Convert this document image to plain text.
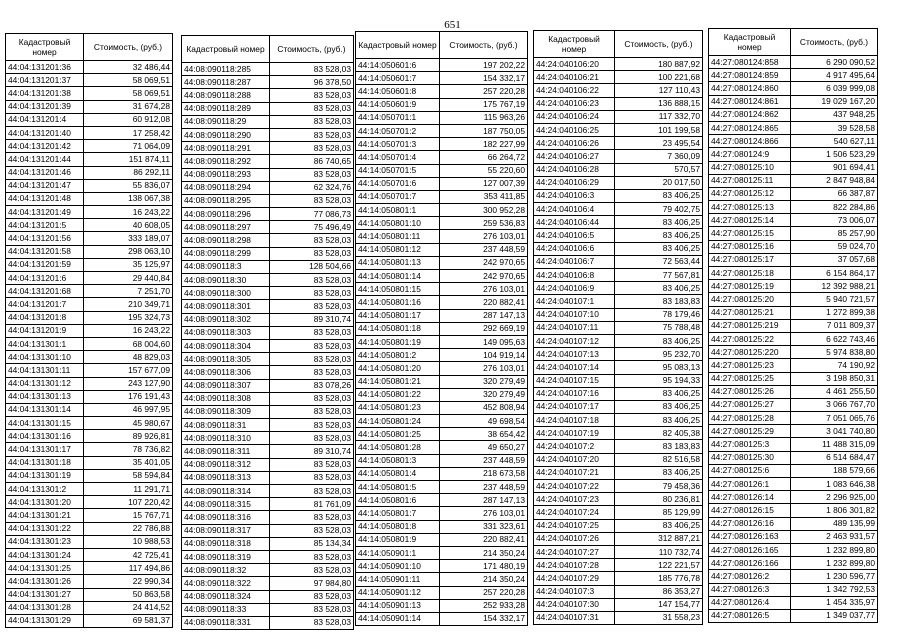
651
Кадастровый номер	Стоимость, (руб.)
44:04:131201:36	32 486,44
44:04:131201:37	58 069,51
44:04:131201:38	58 069,51
44:04:131201:39	31 674,28
44:04:131201:4	60 912,08
44:04:131201:40	17 258,42
44:04:131201:42	71 064,09
44:04:131201:44	151 874,11
44:04:131201:46	86 292,11
44:04:131201:47	55 836,07
44:04:131201:48	138 067,38
44:04:131201:49	16 243,22
44:04:131201:5	40 608,05
44:04:131201:56	333 189,07
44:04:131201:58	298 063,10
44:04:131201:59	35 125,97
44:04:131201:6	29 440,84
44:04:131201:68	7 251,70
44:04:131201:7	210 349,71
44:04:131201:8	195 324,73
44:04:131201:9	16 243,22
44:04:131301:1	68 004,60
44:04:131301:10	48 829,03
44:04:131301:11	157 677,09
44:04:131301:12	243 127,90
44:04:131301:13	176 191,43
44:04:131301:14	46 997,95
44:04:131301:15	45 980,67
44:04:131301:16	89 926,81
44:04:131301:17	78 736,82
44:04:131301:18	35 401,05
44:04:131301:19	58 594,84
44:04:131301:2	11 291,71
44:04:131301:20	107 220,42
44:04:131301:21	15 767,71
44:04:131301:22	22 786,88
44:04:131301:23	10 988,53
44:04:131301:24	42 725,41
44:04:131301:25	117 494,86
44:04:131301:26	22 990,34
44:04:131301:27	50 863,58
44:04:131301:28	24 414,52
44:04:131301:29	69 581,37
Кадастровый номер	Стоимость, (руб.)
44:08:090118:285	83 528,03
44:08:090118:287	96 378,50
44:08:090118:288	83 528,03
44:08:090118:289	83 528,03
44:08:090118:29	83 528,03
44:08:090118:290	83 528,03
44:08:090118:291	83 528,03
44:08:090118:292	86 740,65
44:08:090118:293	83 528,03
44:08:090118:294	62 324,76
44:08:090118:295	83 528,03
44:08:090118:296	77 086,73
44:08:090118:297	75 496,49
44:08:090118:298	83 528,03
44:08:090118:299	83 528,03
44:08:090118:3	128 504,66
44:08:090118:30	83 528,03
44:08:090118:300	83 528,03
44:08:090118:301	83 528,03
44:08:090118:302	89 310,74
44:08:090118:303	83 528,03
44:08:090118:304	83 528,03
44:08:090118:305	83 528,03
44:08:090118:306	83 528,03
44:08:090118:307	83 078,26
44:08:090118:308	83 528,03
44:08:090118:309	83 528,03
44:08:090118:31	83 528,03
44:08:090118:310	83 528,03
44:08:090118:311	89 310,74
44:08:090118:312	83 528,03
44:08:090118:313	83 528,03
44:08:090118:314	83 528,03
44:08:090118:315	81 761,09
44:08:090118:316	83 528,03
44:08:090118:317	83 528,03
44:08:090118:318	85 134,34
44:08:090118:319	83 528,03
44:08:090118:32	83 528,03
44:08:090118:322	97 984,80
44:08:090118:324	83 528,03
44:08:090118:33	83 528,03
44:08:090118:331	83 528,03
Кадастровый номер	Стоимость, (руб.)
44:14:050601:6	197 202,22
44:14:050601:7	154 332,17
44:14:050601:8	257 220,28
44:14:050601:9	175 767,19
44:14:050701:1	115 963,26
44:14:050701:2	187 750,05
44:14:050701:3	182 227,99
44:14:050701:4	66 264,72
44:14:050701:5	55 220,60
44:14:050701:6	127 007,39
44:14:050701:7	353 411,85
44:14:050801:1	300 952,28
44:14:050801:10	259 536,83
44:14:050801:11	276 103,01
44:14:050801:12	237 448,59
44:14:050801:13	242 970,65
44:14:050801:14	242 970,65
44:14:050801:15	276 103,01
44:14:050801:16	220 882,41
44:14:050801:17	287 147,13
44:14:050801:18	292 669,19
44:14:050801:19	149 095,63
44:14:050801:2	104 919,14
44:14:050801:20	276 103,01
44:14:050801:21	320 279,49
44:14:050801:22	320 279,49
44:14:050801:23	452 808,94
44:14:050801:24	49 698,54
44:14:050801:25	38 654,42
44:14:050801:28	49 650,27
44:14:050801:3	237 448,59
44:14:050801:4	218 673,58
44:14:050801:5	237 448,59
44:14:050801:6	287 147,13
44:14:050801:7	276 103,01
44:14:050801:8	331 323,61
44:14:050801:9	220 882,41
44:14:050901:1	214 350,24
44:14:050901:10	171 480,19
44:14:050901:11	214 350,24
44:14:050901:12	257 220,28
44:14:050901:13	252 933,28
44:14:050901:14	154 332,17
Кадастровый номер	Стоимость, (руб.)
44:24:040106:20	180 887,92
44:24:040106:21	100 221,68
44:24:040106:22	127 110,43
44:24:040106:23	136 888,15
44:24:040106:24	117 332,70
44:24:040106:25	101 199,58
44:24:040106:26	23 495,54
44:24:040106:27	7 360,09
44:24:040106:28	570,57
44:24:040106:29	20 017,50
44:24:040106:3	83 406,25
44:24:040106:4	79 402,75
44:24:040106:44	83 406,25
44:24:040106:5	83 406,25
44:24:040106:6	83 406,25
44:24:040106:7	72 563,44
44:24:040106:8	77 567,81
44:24:040106:9	83 406,25
44:24:040107:1	83 183,83
44:24:040107:10	78 179,46
44:24:040107:11	75 788,48
44:24:040107:12	83 406,25
44:24:040107:13	95 232,70
44:24:040107:14	95 083,13
44:24:040107:15	95 194,33
44:24:040107:16	83 406,25
44:24:040107:17	83 406,25
44:24:040107:18	83 406,25
44:24:040107:19	82 405,38
44:24:040107:2	83 183,83
44:24:040107:20	82 516,58
44:24:040107:21	83 406,25
44:24:040107:22	79 458,36
44:24:040107:23	80 236,81
44:24:040107:24	85 129,99
44:24:040107:25	83 406,25
44:24:040107:26	312 887,21
44:24:040107:27	110 732,74
44:24:040107:28	122 221,57
44:24:040107:29	185 776,78
44:24:040107:3	86 353,27
44:24:040107:30	147 154,77
44:24:040107:31	31 558,23
Кадастровый номер	Стоимость, (руб.)
44:27:080124:858	6 290 090,52
44:27:080124:859	4 917 495,64
44:27:080124:860	6 039 999,08
44:27:080124:861	19 029 167,20
44:27:080124:862	437 948,25
44:27:080124:865	39 528,58
44:27:080124:866	540 627,11
44:27:080124:9	1 506 523,29
44:27:080125:10	901 694,41
44:27:080125:11	2 847 948,84
44:27:080125:12	66 387,87
44:27:080125:13	822 284,86
44:27:080125:14	73 006,07
44:27:080125:15	85 257,90
44:27:080125:16	59 024,70
44:27:080125:17	37 057,68
44:27:080125:18	6 154 864,17
44:27:080125:19	12 392 988,21
44:27:080125:20	5 940 721,57
44:27:080125:21	1 272 899,38
44:27:080125:219	7 011 809,37
44:27:080125:22	6 622 743,46
44:27:080125:220	5 974 838,80
44:27:080125:23	74 190,92
44:27:080125:25	3 198 850,31
44:27:080125:26	4 461 255,50
44:27:080125:27	3 066 767,70
44:27:080125:28	7 051 065,76
44:27:080125:29	3 041 740,80
44:27:080125:3	11 488 315,09
44:27:080125:30	6 514 684,47
44:27:080125:6	188 579,66
44:27:080126:1	1 083 646,38
44:27:080126:14	2 296 925,00
44:27:080126:15	1 806 301,82
44:27:080126:16	489 135,99
44:27:080126:163	2 463 931,57
44:27:080126:165	1 232 899,80
44:27:080126:166	1 232 899,80
44:27:080126:2	1 230 596,77
44:27:080126:3	1 342 792,53
44:27:080126:4	1 454 335,97
44:27:080126:5	1 349 037,77
